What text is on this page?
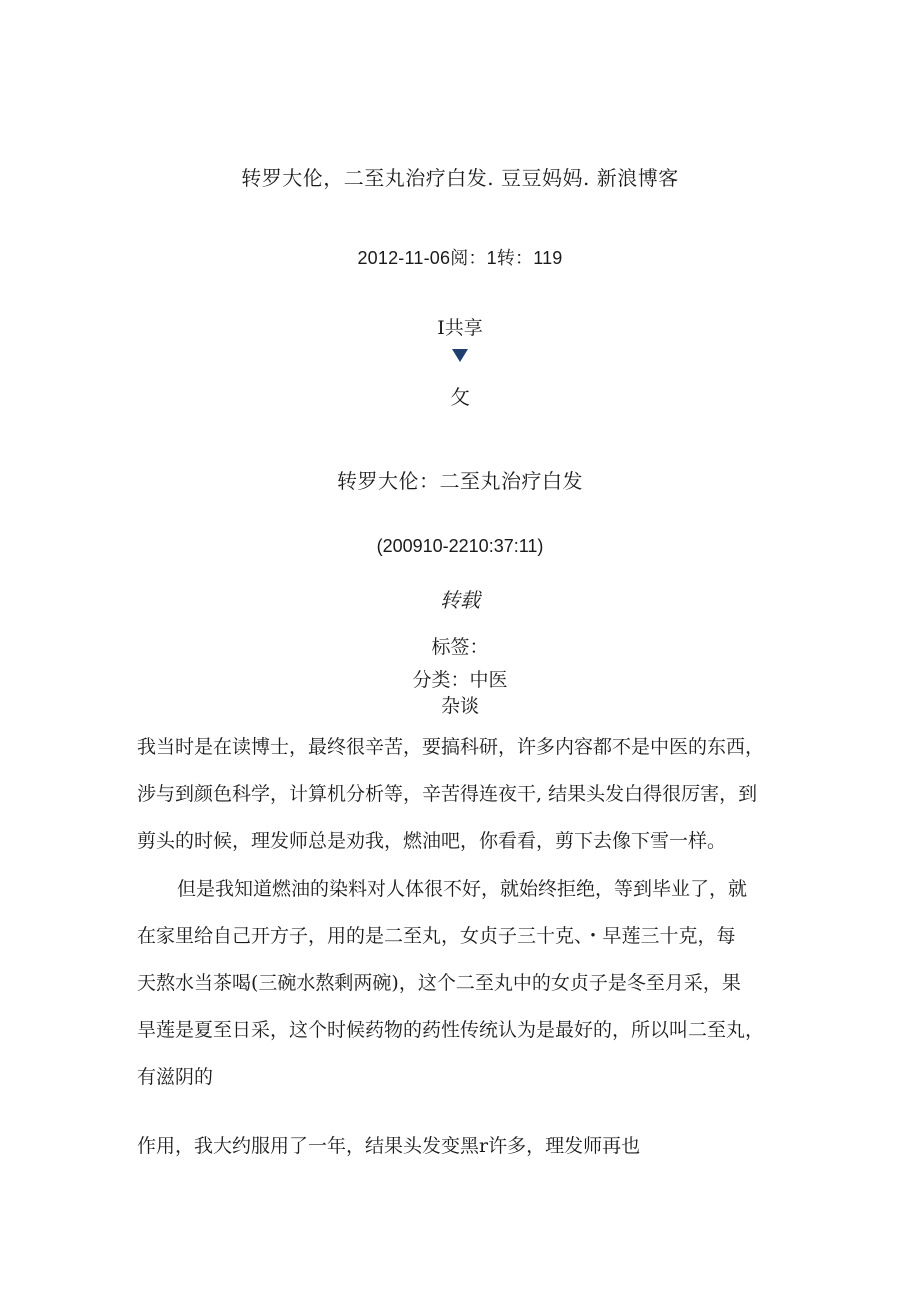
转罗大伦，二至丸治疗白发. 豆豆妈妈. 新浪博客
2012-11-06阅：1转：119
I共享
攵
转罗大伦：二至丸治疗白发
(200910-2210:37:11)
转载
标签：
分类：中医
杂谈
我当时是在读博士，最终很辛苦，要搞科研，许多内容都不是中医的东西，
涉与到颜色科学，计算机分析等，辛苦得连夜干, 结果头发白得很厉害，到
剪头的时候，理发师总是劝我，燃油吧，你看看，剪下去像下雪一样。
但是我知道燃油的染料对人体很不好，就始终拒绝，等到毕业了，就
在家里给自己开方子，用的是二至丸，女贞子三十克、・早莲三十克，每
天熬水当茶喝(三碗水熬剩两碗)，这个二至丸中的女贞子是冬至月采，果
旱莲是夏至日采，这个时候药物的药性传统认为是最好的，所以叫二至丸，
有滋阴的
作用，我大约服用了一年，结果头发变黑r许多，理发师再也
